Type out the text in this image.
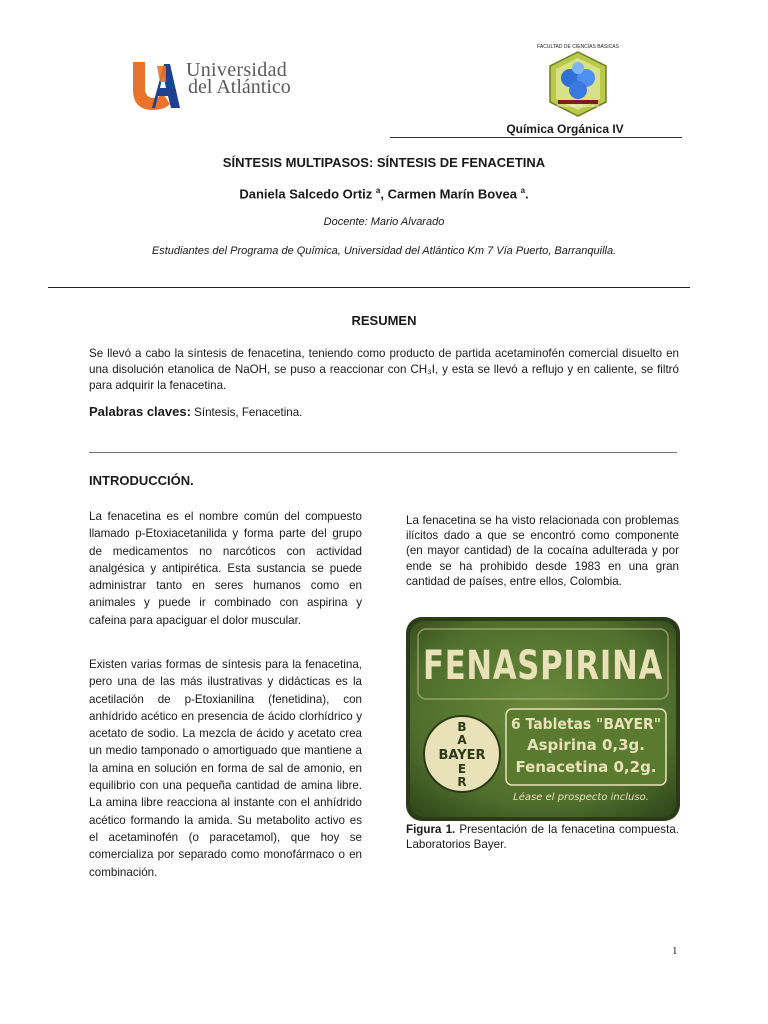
Universidad
del Atlántico
FACULTAD DE CIENCIAS BÁSICAS
PROGRAMA DE QUÍMICA
Química Orgánica IV
SÍNTESIS MULTIPASOS: SÍNTESIS DE FENACETINA
Daniela Salcedo Ortiz $^a$, Carmen Marín Bovea $^a$.
Docente: Mario Alvarado
Estudiantes del Programa de Química, Universidad del Atlántico Km 7 Vía Puerto, Barranquilla.
RESUMEN
Se llevó a cabo la síntesis de fenacetina, teniendo como producto de partida acetaminofén comercial disuelto en una disolución etanolica de NaOH, se puso a reaccionar con CH₃I, y esta se llevó a reflujo y en caliente, se filtró para adquirir la fenacetina.
Palabras claves: Síntesis, Fenacetina.
INTRODUCCIÓN.
La fenacetina es el nombre común del compuesto llamado p-Etoxiacetanilida y forma parte del grupo de medicamentos no narcóticos con actividad analgésica y antipirética. Esta sustancia se puede administrar tanto en seres humanos como en animales y puede ir combinado con aspirina y cafeina para apaciguar el dolor muscular.
Existen varias formas de síntesis para la fenacetina, pero una de las más ilustrativas y didácticas es la acetilación de p-Etoxianilina (fenetidina), con anhídrido acético en presencia de ácido clorhídrico y acetato de sodio. La mezcla de ácido y acetato crea un medio tamponado o amortiguado que mantiene a la amina en solución en forma de sal de amonio, en equilibrio con una pequeña cantidad de amina libre. La amina libre reacciona al instante con el anhídrido acético formando la amida. Su metabolito activo es el acetaminofén (o paracetamol), que hoy se comercializa por separado como monofármaco o en combinación.
La fenacetina se ha visto relacionada con problemas ilícitos dado a que se encontró como componente (en mayor cantidad) de la cocaína adulterada y por ende se ha prohibido desde 1983 en una gran cantidad de países, entre ellos, Colombia.
FENASPIRINA
B
A
BAYER
E
R
6 Tabletas "BAYER"
Aspirina 0,3g.
Fenacetina 0,2g.
Léase el prospecto incluso.
Figura 1. Presentación de la fenacetina compuesta. Laboratorios Bayer.
1
